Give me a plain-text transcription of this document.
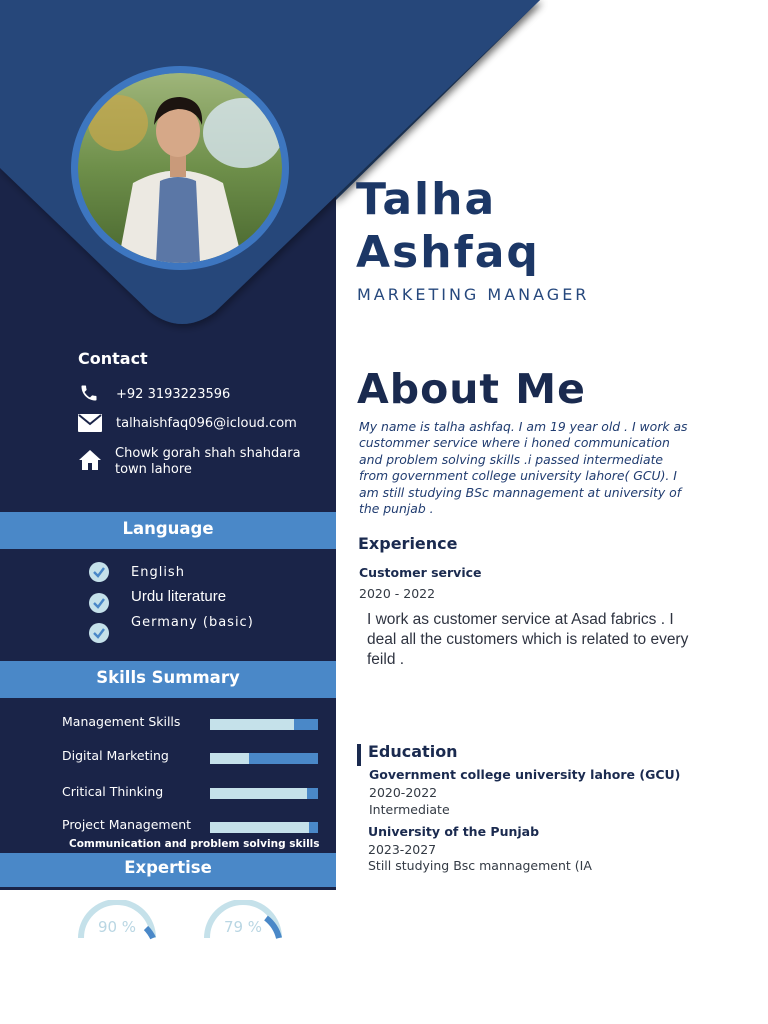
Talha
Ashfaq
MARKETING MANAGER
Contact
+92 3193223596
talhaishfaq096@icloud.com
Chowk gorah shah shahdara
town lahore
Language
English
Urdu literature
Germany (basic)
Skills Summary
Management Skills
Digital Marketing
Critical Thinking
Project Management
Communication and problem solving skills
Expertise
90 %	79 %
About Me
My name is talha ashfaq. I am 19 year old . I work as custommer service where i honed communication and problem solving skills .i passed intermediate from government college university lahore( GCU). I am still studying BSc mannagement at university of the punjab .
Experience
Customer service
2020 - 2022
I work as customer service at Asad fabrics . I deal all the customers which is related to every feild .
Education
Government college university lahore (GCU)
2020-2022
Intermediate
University of the Punjab
2023-2027
Still studying Bsc mannagement (IA
